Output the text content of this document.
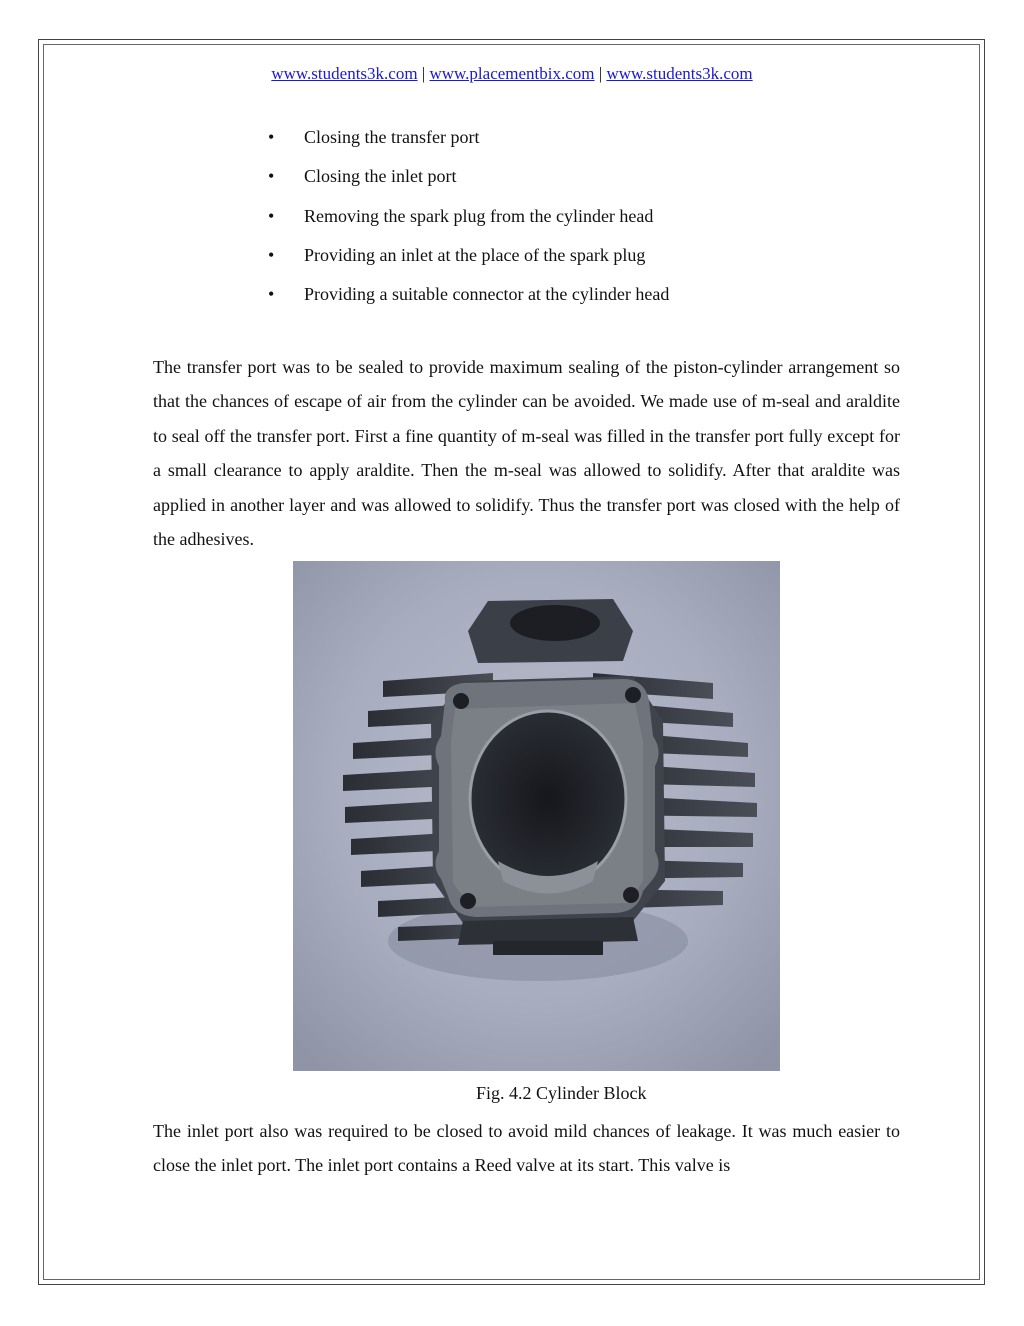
www.students3k.com | www.placementbix.com | www.students3k.com
• Closing the transfer port
• Closing the inlet port
• Removing the spark plug from the cylinder head
• Providing an inlet at the place of the spark plug
• Providing a suitable connector at the cylinder head

The transfer port was to be sealed to provide maximum sealing of the piston-cylinder arrangement so that the chances of escape of air from the cylinder can be avoided. We made use of m-seal and araldite to seal off the transfer port. First a fine quantity of m-seal was filled in the transfer port fully except for a small clearance to apply araldite. Then the m-seal was allowed to solidify. After that araldite was applied in another layer and was allowed to solidify. Thus the transfer port was closed with the help of the adhesives.

Fig. 4.2 Cylinder Block

The inlet port also was required to be closed to avoid mild chances of leakage. It was much easier to close the inlet port. The inlet port contains a Reed valve at its start. This valve is
